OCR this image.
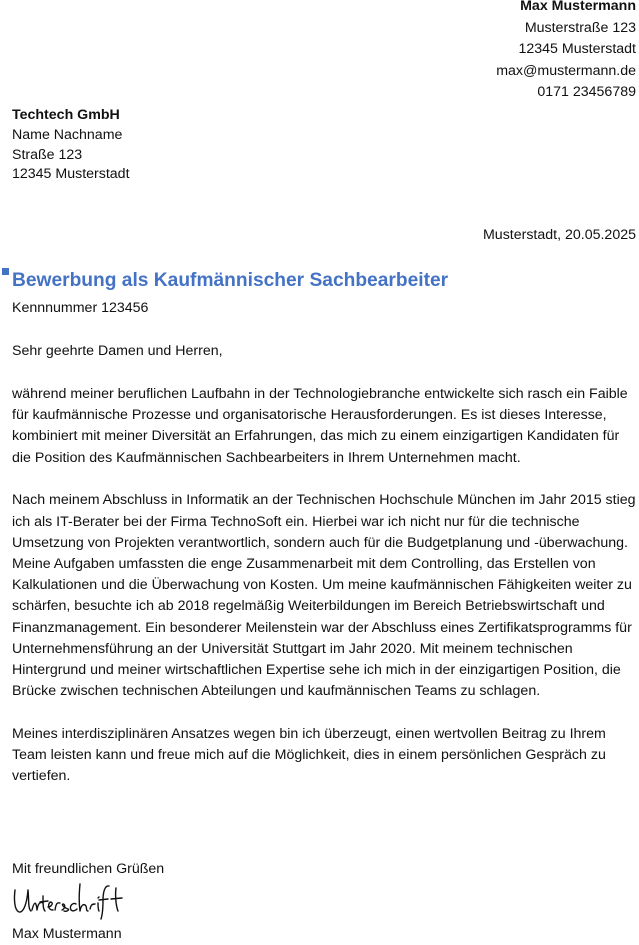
Max Mustermann
Musterstraße 123
12345 Musterstadt
max@mustermann.de
0171 23456789
Techtech GmbH
Name Nachname
Straße 123
12345 Musterstadt
Musterstadt, 20.05.2025
Bewerbung als Kaufmännischer Sachbearbeiter
Kennnummer 123456

Sehr geehrte Damen und Herren,

während meiner beruflichen Laufbahn in der Technologiebranche entwickelte sich rasch ein Faible für kaufmännische Prozesse und organisatorische Herausforderungen. Es ist dieses Interesse, kombiniert mit meiner Diversität an Erfahrungen, das mich zu einem einzigartigen Kandidaten für die Position des Kaufmännischen Sachbearbeiters in Ihrem Unternehmen macht.

Nach meinem Abschluss in Informatik an der Technischen Hochschule München im Jahr 2015 stieg ich als IT-Berater bei der Firma TechnoSoft ein. Hierbei war ich nicht nur für die technische Umsetzung von Projekten verantwortlich, sondern auch für die Budgetplanung und -überwachung. Meine Aufgaben umfassten die enge Zusammenarbeit mit dem Controlling, das Erstellen von Kalkulationen und die Überwachung von Kosten. Um meine kaufmännischen Fähigkeiten weiter zu schärfen, besuchte ich ab 2018 regelmäßig Weiterbildungen im Bereich Betriebswirtschaft und Finanzmanagement. Ein besonderer Meilenstein war der Abschluss eines Zertifikatsprogramms für Unternehmensführung an der Universität Stuttgart im Jahr 2020. Mit meinem technischen Hintergrund und meiner wirtschaftlichen Expertise sehe ich mich in der einzigartigen Position, die Brücke zwischen technischen Abteilungen und kaufmännischen Teams zu schlagen.

Meines interdisziplinären Ansatzes wegen bin ich überzeugt, einen wertvollen Beitrag zu Ihrem Team leisten kann und freue mich auf die Möglichkeit, dies in einem persönlichen Gespräch zu vertiefen.

Mit freundlichen Grüßen
Max Mustermann
